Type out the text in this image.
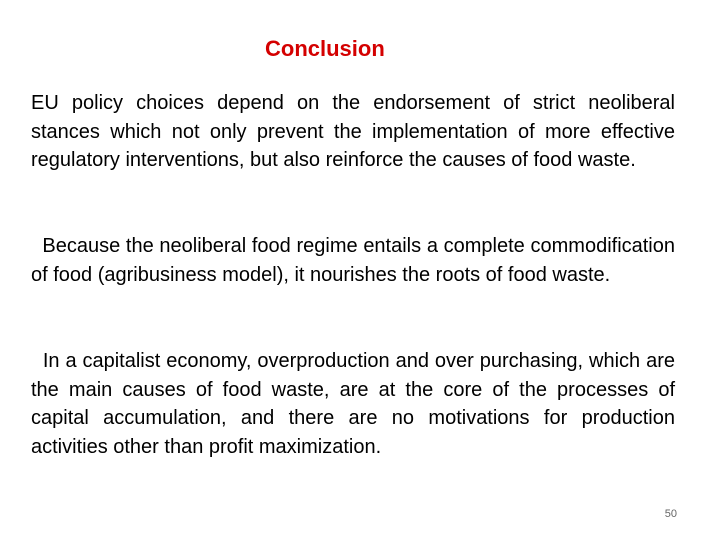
Conclusion
EU policy choices depend on the endorsement of strict neoliberal stances which not only prevent the implementation of more effective regulatory interventions, but also reinforce the causes of food waste.
Because the neoliberal food regime entails a complete commodification of food (agribusiness model), it nourishes the roots of food waste.
In a capitalist economy, overproduction and over purchasing, which are the main causes of food waste, are at the core of the processes of capital accumulation, and there are no motivations for production activities other than profit maximization.
50
